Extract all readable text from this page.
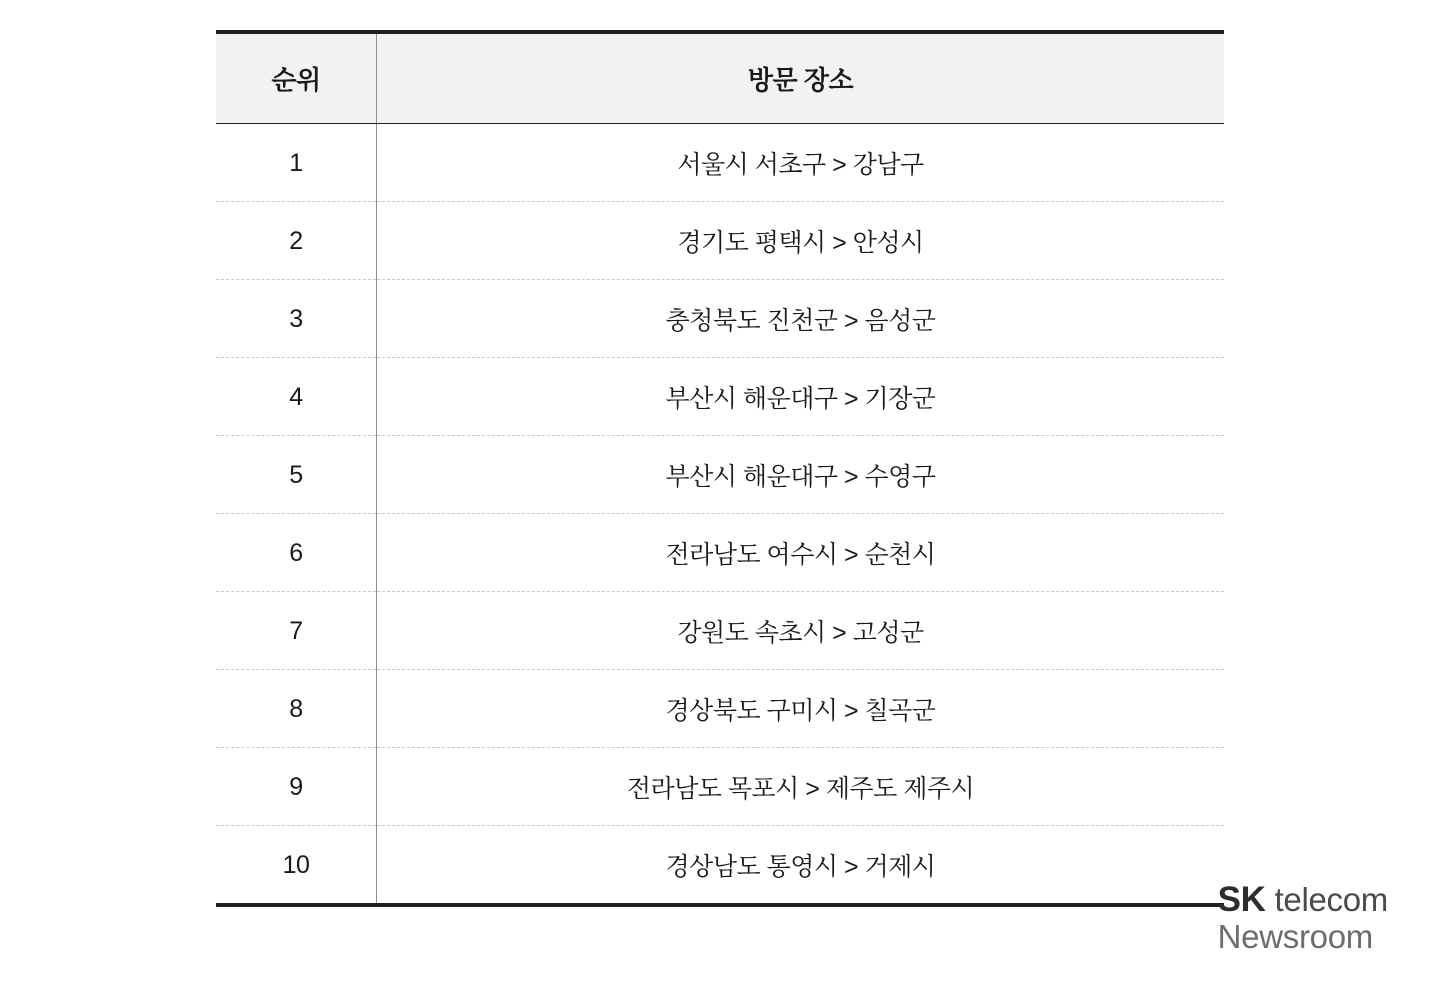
순위	방문 장소
1	서울시 서초구 > 강남구
2	경기도 평택시 > 안성시
3	충청북도 진천군 > 음성군
4	부산시 해운대구 > 기장군
5	부산시 해운대구 > 수영구
6	전라남도 여수시 > 순천시
7	강원도 속초시 > 고성군
8	경상북도 구미시 > 칠곡군
9	전라남도 목포시 > 제주도 제주시
10	경상남도 통영시 > 거제시
SK telecom
Newsroom
